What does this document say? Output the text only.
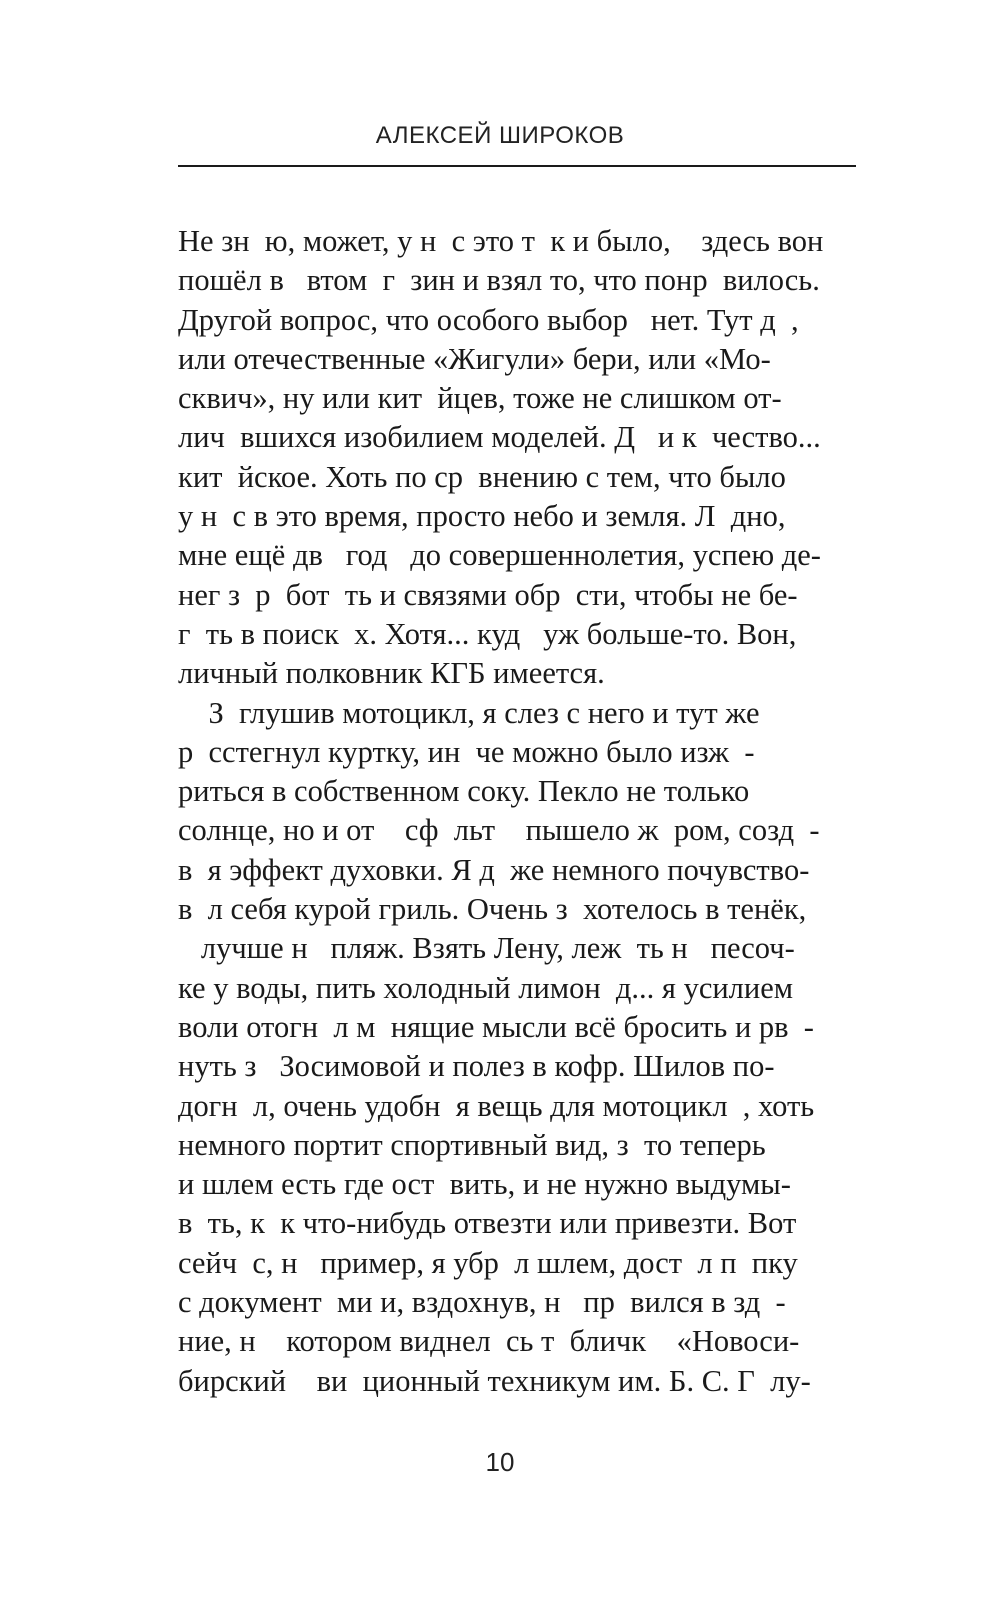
АЛЕКСЕЙ ШИРОКОВ
Не зн  ю, может, у н  с это т  к и было,    здесь вон
пошёл в   втом  г  зин и взял то, что понр  вилось.
Другой вопрос, что особого выбор   нет. Тут д  ,
или отечественные «Жигули» бери, или «Мо-
сквич», ну или кит  йцев, тоже не слишком от-
лич  вшихся изобилием моделей. Д   и к  чество...
кит  йское. Хоть по ср  внению с тем, что было
у н  с в это время, просто небо и земля. Л  дно,
мне ещё дв   год   до совершеннолетия, успею де-
нег з  р  бот  ть и связями обр  сти, чтобы не бе-
г  ть в поиск  х. Хотя... куд   уж больше-то. Вон,
личный полковник КГБ имеется.
З  глушив мотоцикл, я слез с него и тут же
р  сстегнул куртку, ин  че можно было изж  -
риться в собственном соку. Пекло не только
солнце, но и от    сф  льт    пышело ж  ром, созд  -
в  я эффект духовки. Я д  же немного почувство-
в  л себя курой гриль. Очень з  хотелось в тенёк,
лучше н   пляж. Взять Лену, леж  ть н   песоч-
ке у воды, пить холодный лимон  д... я усилием
воли отогн  л м  нящие мысли всё бросить и рв  -
нуть з   Зосимовой и полез в кофр. Шилов по-
догн  л, очень удобн  я вещь для мотоцикл  , хоть
немного портит спортивный вид, з  то теперь
и шлем есть где ост  вить, и не нужно выдумы-
в  ть, к  к что-нибудь отвезти или привезти. Вот
сейч  с, н   пример, я убр  л шлем, дост  л п  пку
с документ  ми и, вздохнув, н   пр  вился в зд  -
ние, н    котором виднел  сь т  бличк    «Новоси-
бирский    ви  ционный техникум им. Б. С. Г  лу-
10
